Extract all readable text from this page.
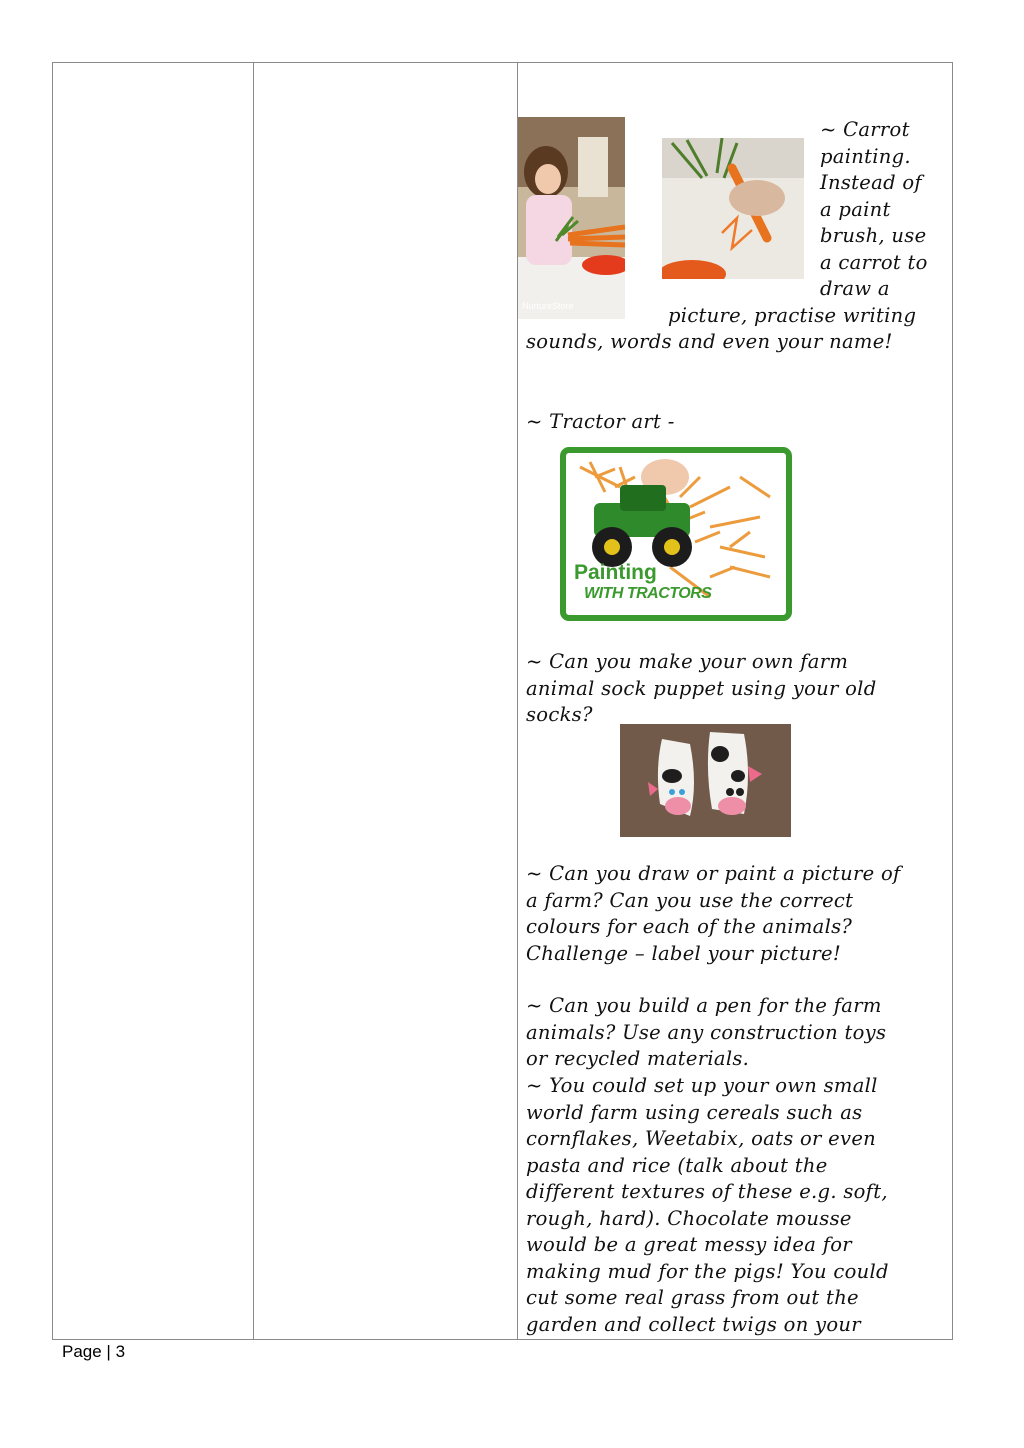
NurtureStore
~ Carrot
painting.
Instead of
a paint
brush, use
a carrot to
draw a
picture, practise writing
sounds, words and even your name!
~ Tractor art -
Painting
WITH TRACTORS
~ Can you make your own farm
animal sock puppet using your old
socks?
~ Can you draw or paint a picture of
a farm? Can you use the correct
colours for each of the animals?
Challenge – label your picture!
~ Can you build a pen for the farm
animals? Use any construction toys
or recycled materials.
~ You could set up your own small
world farm using cereals such as
cornflakes, Weetabix, oats or even
pasta and rice (talk about the
different textures of these e.g. soft,
rough, hard). Chocolate mousse
would be a great messy idea for
making mud for the pigs! You could
cut some real grass from out the
garden and collect twigs on your
Page | 3
